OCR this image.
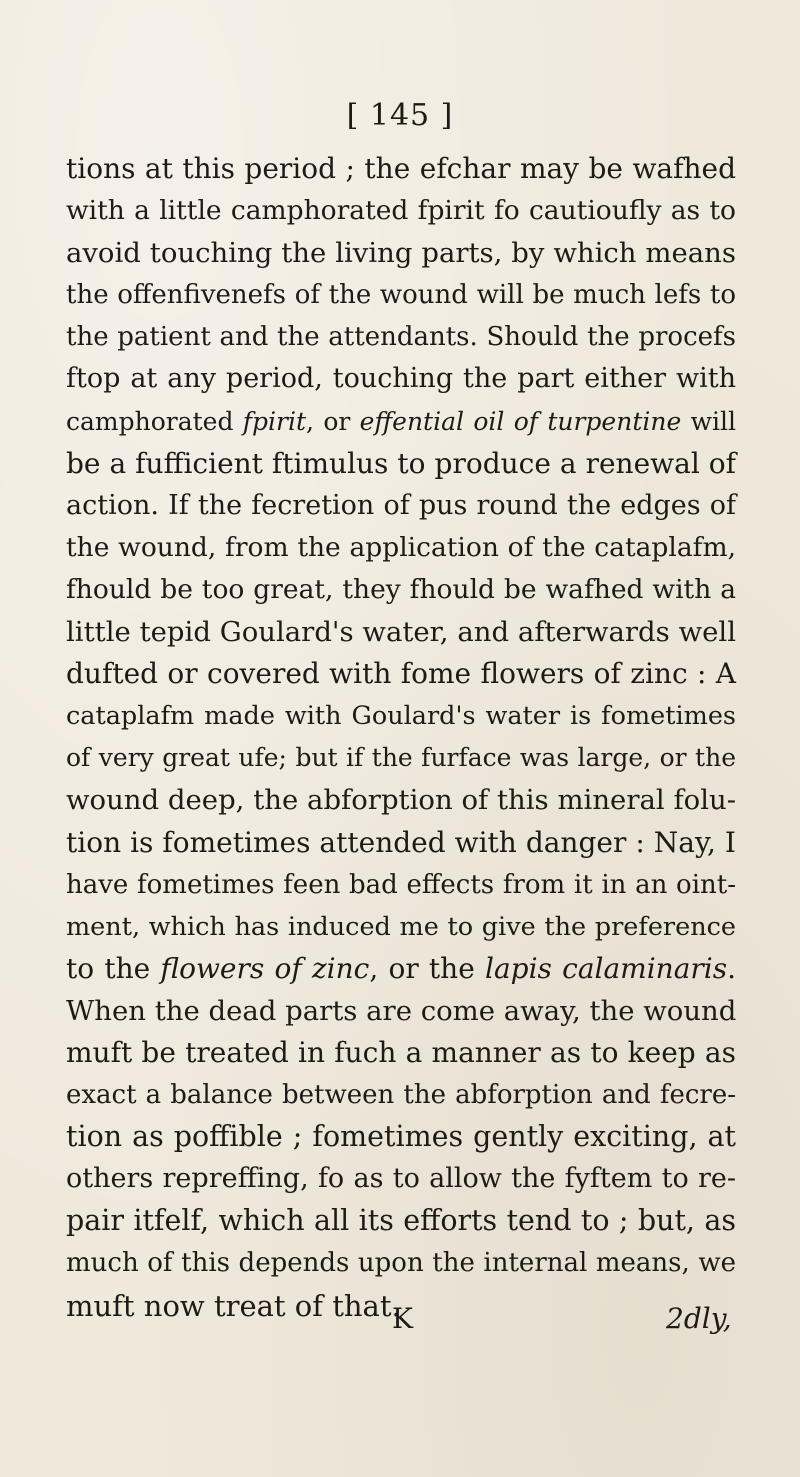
[ 145 ]
tions at this period ; the efchar may be wafhed
with a little camphorated fpirit fo cautioufly as to
avoid touching the living parts, by which means
the offenfivenefs of the wound will be much lefs to
the patient and the attendants. Should the procefs
ftop at any period, touching the part either with
camphorated fpirit, or effential oil of turpentine will
be a fufficient ftimulus to produce a renewal of
action. If the fecretion of pus round the edges of
the wound, from the application of the cataplafm,
fhould be too great, they fhould be wafhed with a
little tepid Goulard's water, and afterwards well
dufted or covered with fome flowers of zinc : A
cataplafm made with Goulard's water is fometimes
of very great ufe; but if the furface was large, or the
wound deep, the abforption of this mineral folu-
tion is fometimes attended with danger : Nay, I
have fometimes feen bad effects from it in an oint-
ment, which has induced me to give the preference
to the flowers of zinc, or the lapis calaminaris.
When the dead parts are come away, the wound
muft be treated in fuch a manner as to keep as
exact a balance between the abforption and fecre-
tion as poffible ; fometimes gently exciting, at
others repreffing, fo as to allow the fyftem to re-
pair itfelf, which all its efforts tend to ; but, as
much of this depends upon the internal means, we
muft now treat of that.
K	2dly,
